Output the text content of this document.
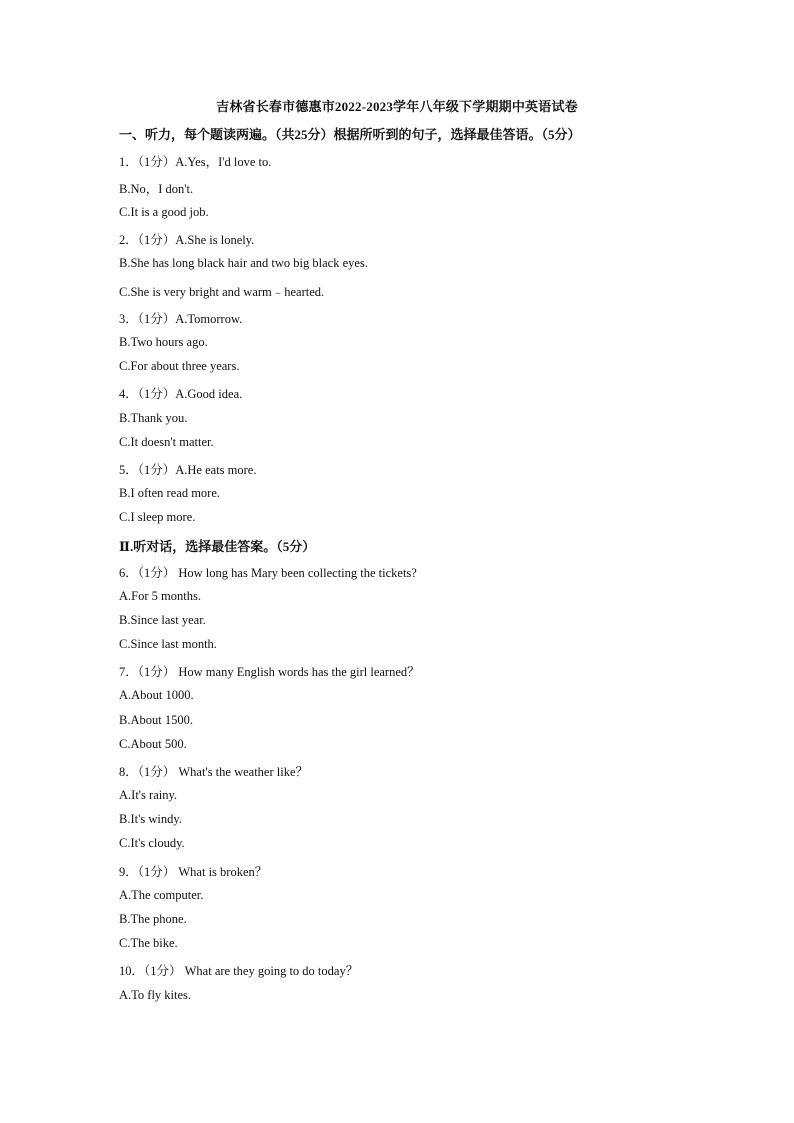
吉林省长春市德惠市2022-2023学年八年级下学期期中英语试卷
一、听力，每个题读两遍。（共25分）根据所听到的句子，选择最佳答语。（5分）
1．（1分）A.Yes，I'd love to.
B.No，I don't.
C.It is a good job.
2．（1分）A.She is lonely.
B.She has long black hair and two big black eyes.
C.She is very bright and warm﹣hearted.
3．（1分）A.Tomorrow.
B.Two hours ago.
C.For about three years.
4．（1分）A.Good idea.
B.Thank you.
C.It doesn't matter.
5．（1分）A.He eats more.
B.I often read more.
C.I sleep more.
Ⅱ.听对话，选择最佳答案。（5分）
6．（1分） How long has Mary been collecting the tickets?
A.For 5 months.
B.Since last year.
C.Since last month.
7．（1分） How many English words has the girl learned？
A.About 1000.
B.About 1500.
C.About 500.
8．（1分） What's the weather like？
A.It's rainy.
B.It's windy.
C.It's cloudy.
9．（1分） What is broken？
A.The computer.
B.The phone.
C.The bike.
10．（1分） What are they going to do today？
A.To fly kites.
